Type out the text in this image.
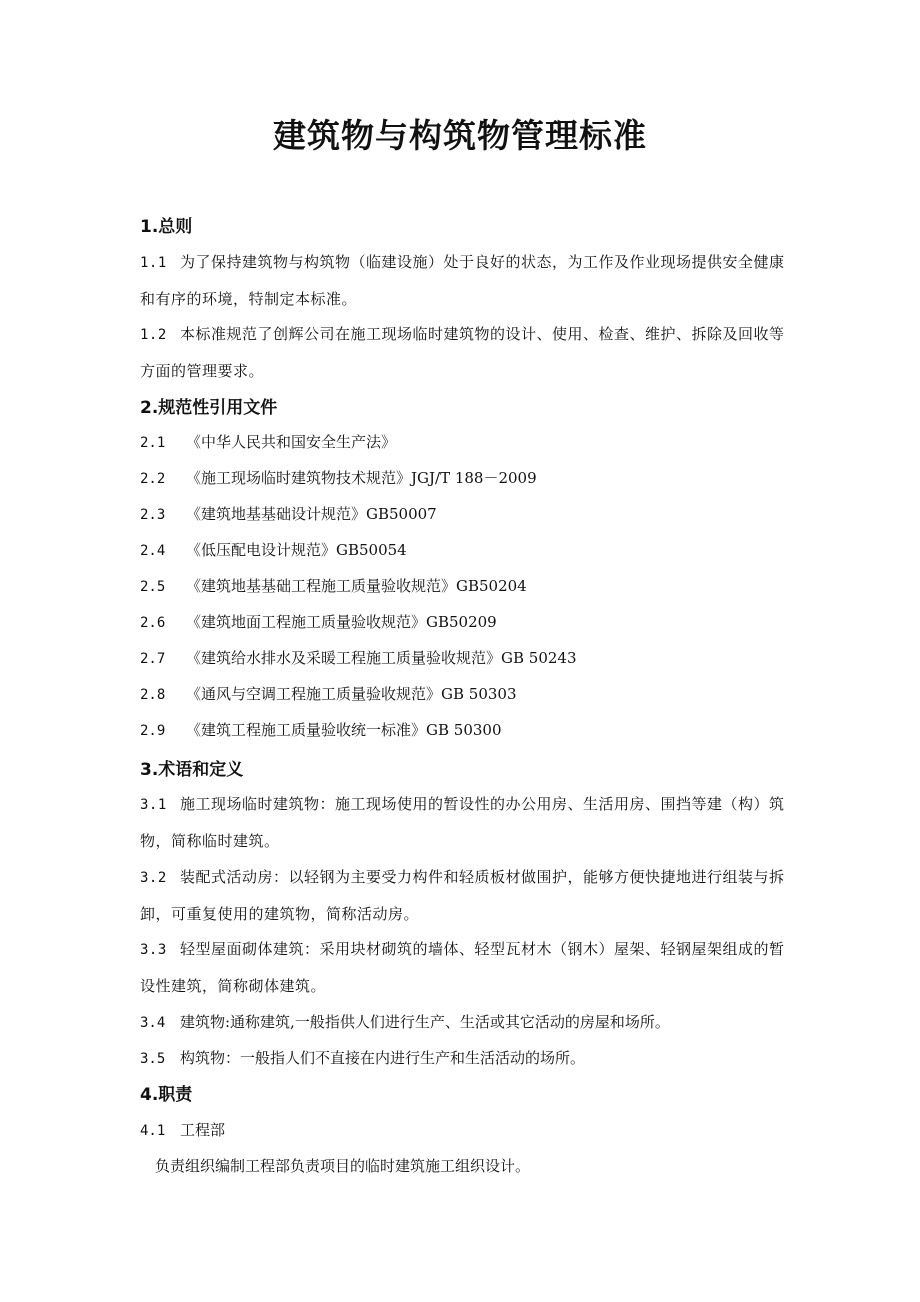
建筑物与构筑物管理标准
1.总则
1.1 为了保持建筑物与构筑物（临建设施）处于良好的状态，为工作及作业现场提供安全健康和有序的环境，特制定本标准。
1.2 本标准规范了创辉公司在施工现场临时建筑物的设计、使用、检查、维护、拆除及回收等方面的管理要求。
2.规范性引用文件
2.1 《中华人民共和国安全生产法》
2.2 《施工现场临时建筑物技术规范》JGJ/T 188－2009
2.3 《建筑地基基础设计规范》GB50007
2.4 《低压配电设计规范》GB50054
2.5 《建筑地基基础工程施工质量验收规范》GB50204
2.6 《建筑地面工程施工质量验收规范》GB50209
2.7 《建筑给水排水及采暖工程施工质量验收规范》GB 50243
2.8 《通风与空调工程施工质量验收规范》GB 50303
2.9 《建筑工程施工质量验收统一标准》GB 50300
3.术语和定义
3.1 施工现场临时建筑物：施工现场使用的暂设性的办公用房、生活用房、围挡等建（构）筑物，简称临时建筑。
3.2 装配式活动房：以轻钢为主要受力构件和轻质板材做围护，能够方便快捷地进行组装与拆卸，可重复使用的建筑物，简称活动房。
3.3 轻型屋面砌体建筑：采用块材砌筑的墙体、轻型瓦材木（钢木）屋架、轻钢屋架组成的暂设性建筑，简称砌体建筑。
3.4 建筑物:通称建筑,一般指供人们进行生产、生活或其它活动的房屋和场所。
3.5 构筑物：一般指人们不直接在内进行生产和生活活动的场所。
4.职责
4.1 工程部
负责组织编制工程部负责项目的临时建筑施工组织设计。
